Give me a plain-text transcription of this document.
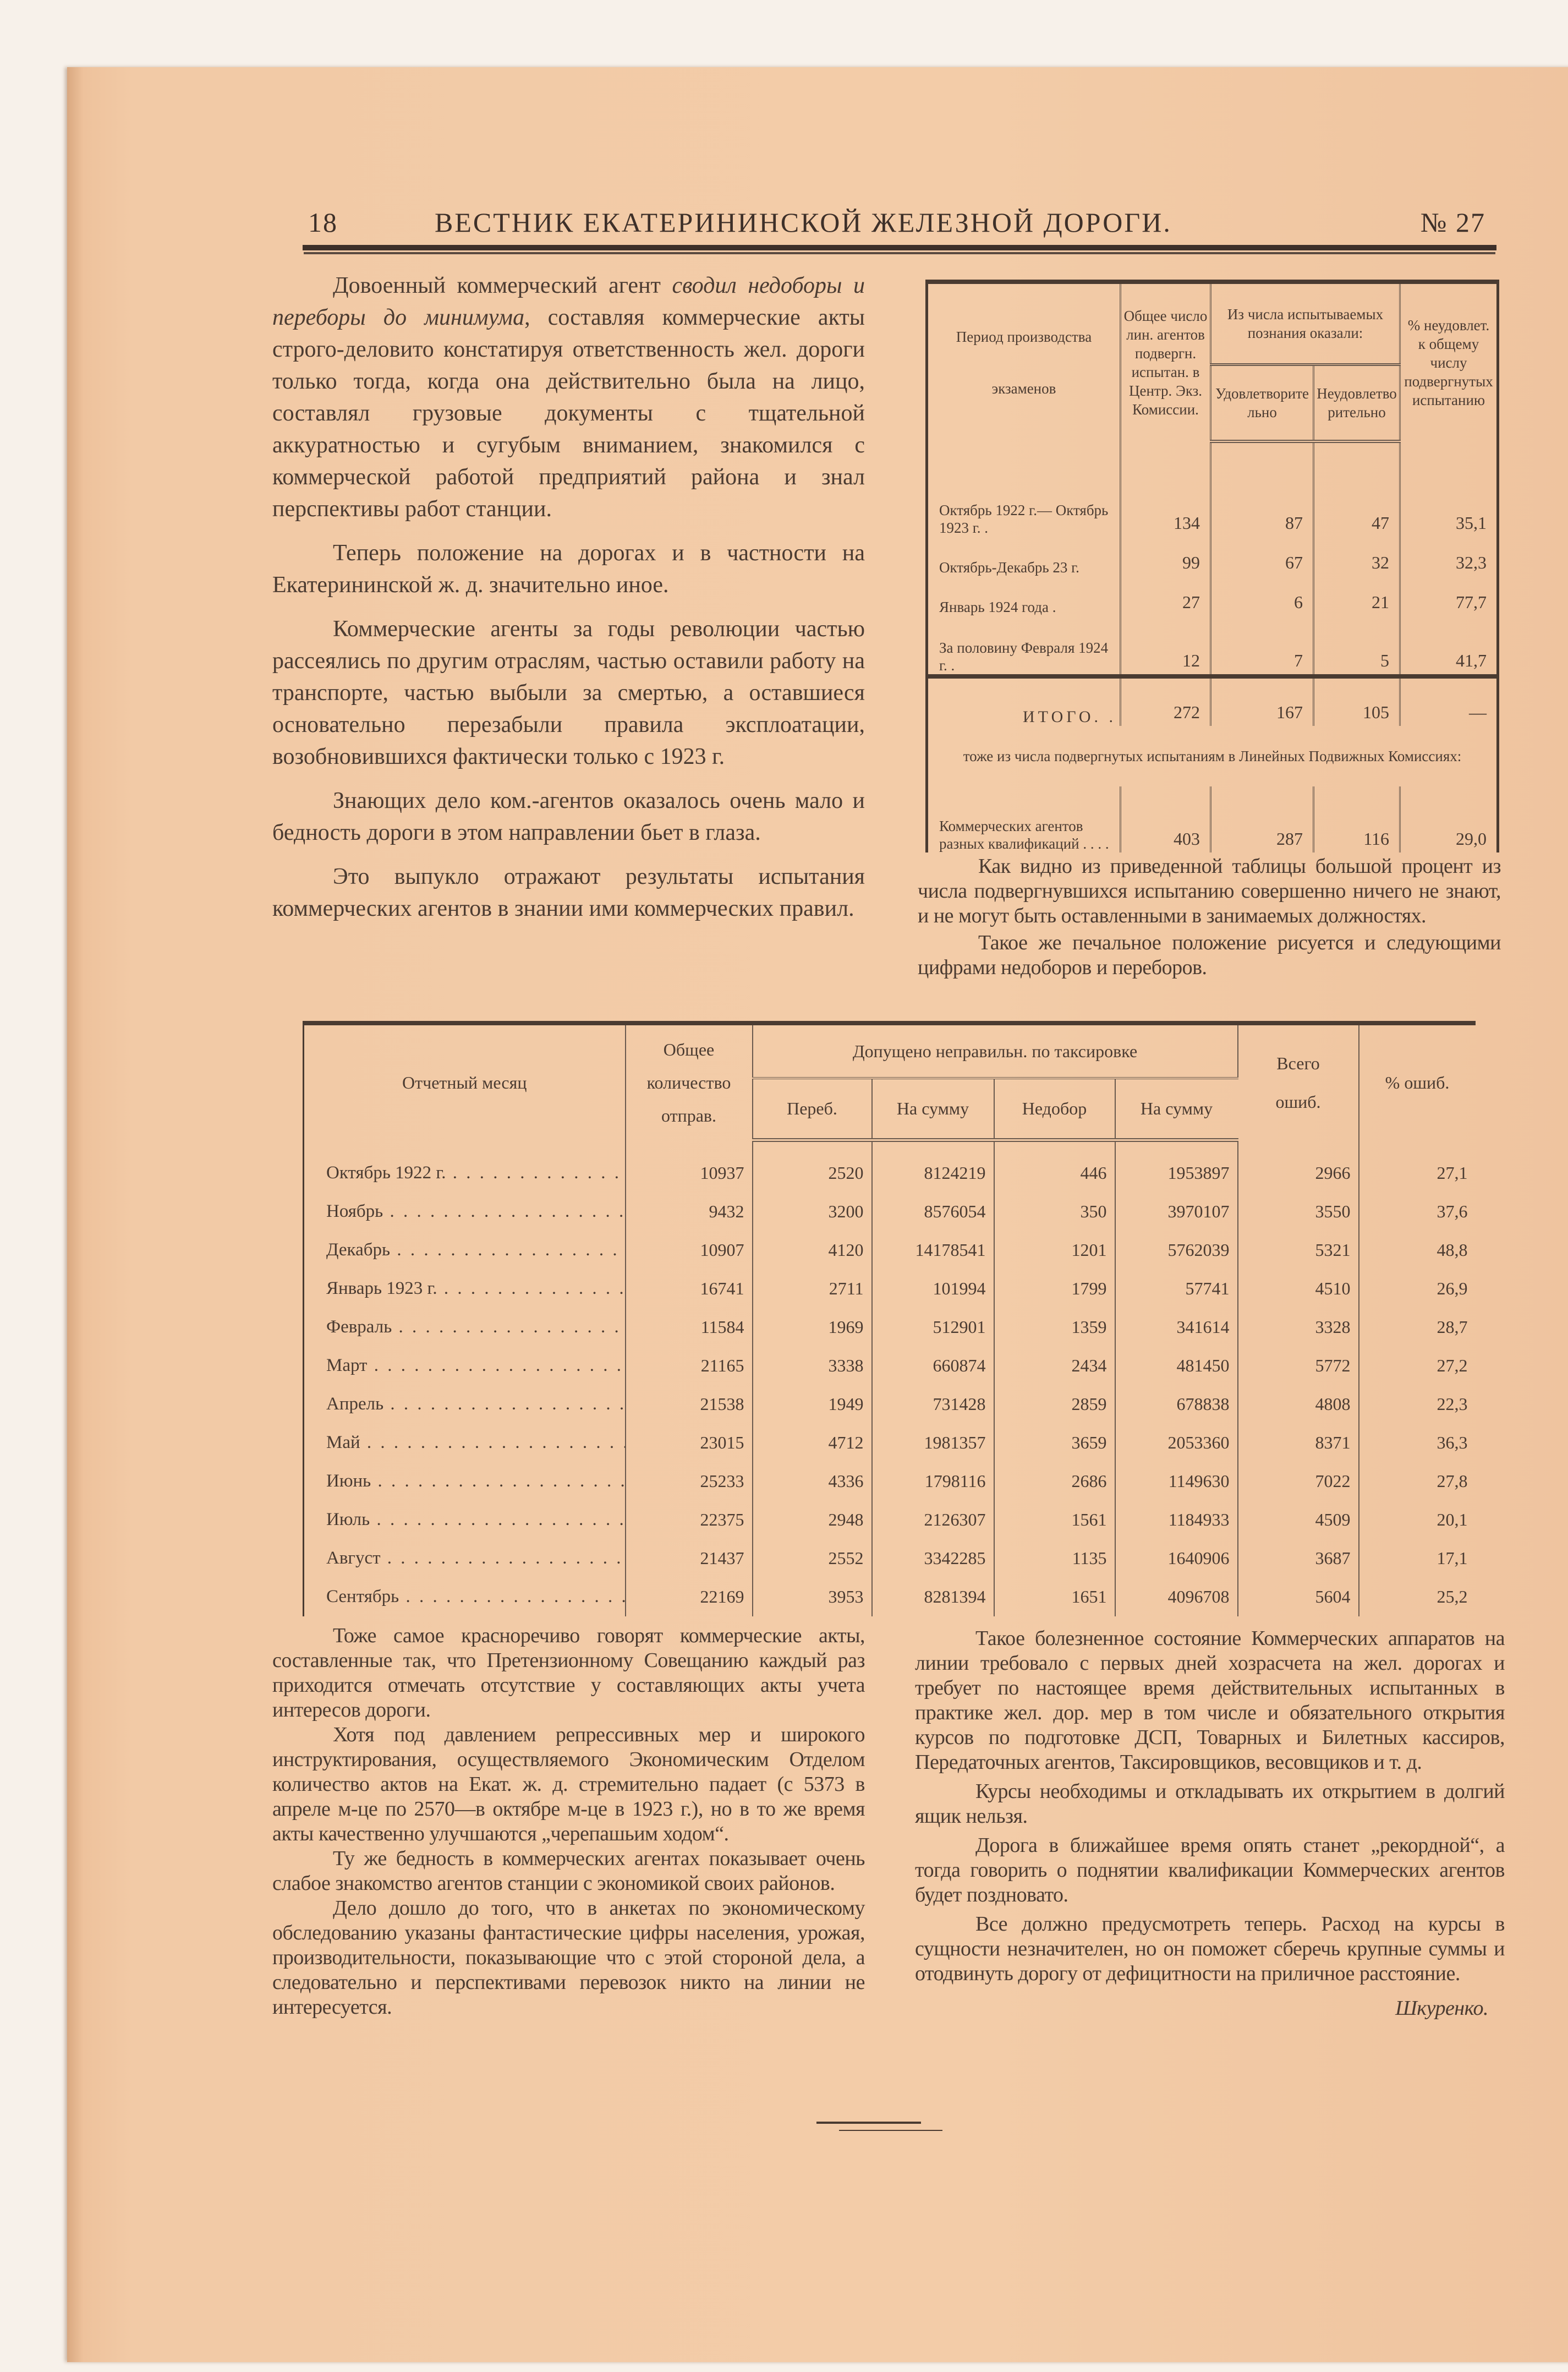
18	ВЕСТНИК ЕКАТЕРИНИНСКОЙ ЖЕЛЕЗНОЙ ДОРОГИ.	№ 27

Довоенный коммерческий агент сводил недоборы и переборы до минимума, составляя коммерческие акты строго-деловито констатируя ответственность жел. дороги только тогда, когда она действительно была на лицо, составлял грузовые документы с тщательной аккуратностью и сугубым вниманием, знакомился с коммерческой работой предприятий района и знал перспективы работ станции.

Теперь положение на дорогах и в частности на Екатерининской ж. д. значительно иное.

Коммерческие агенты за годы революции частью рассеялись по другим отраслям, частью оставили работу на транспорте, частью выбыли за смертью, а оставшиеся основательно перезабыли правила эксплоатации, возобновившихся фактически только с 1923 г.

Знающих дело ком.-агентов оказалось очень мало и бедность дороги в этом направлении бьет в глаза.

Это выпукло отражают результаты испытания коммерческих агентов в знании ими коммерческих правил.

Период производства
экзаменов	Общее число лин. агентов подвергн. испытан. в Центр. Экз. Комиссии.	Из числа испытываемых познания оказали:		% неудовлет. к общему числу подвергнутых испытанию
		Удовлетворительно	Неудовлетворительно	

Октябрь 1922 г.— Октябрь 1923 г. .	134	87	47	35,1
Октябрь-Декабрь 23 г.	99	67	32	32,3
Январь 1924 года .	27	6	21	77,7
За половину Февраля 1924 г. .	12	7	5	41,7
ИТОГО. .	272	167	105	—
тоже из числа подвергнутых испытаниям в Линейных Подвижных Комиссиях:				
Коммерческих агентов разных квалификаций . . . .	403	287	116	29,0

Как видно из приведенной таблицы большой процент из числа подвергнувшихся испытанию совершенно ничего не знают, и не могут быть оставленными в занимаемых должностях.

Такое же печальное положение рисуется и следующими цифрами недоборов и переборов.

Отчетный месяц	Общее количество отправ.	Допущено неправильн. по таксировке				Всего ошиб.	% ошиб.
		Переб.	На сумму	Недобор	На сумму		

Октябрь 1922 г. . . .	10937	2520	8124219	446	1953897	2966	27,1
Ноябрь . . .	9432	3200	8576054	350	3970107	3550	37,6
Декабрь . . .	10907	4120	14178541	1201	5762039	5321	48,8
Январь 1923 г. . . .	16741	2711	101994	1799	57741	4510	26,9
Февраль . . .	11584	1969	512901	1359	341614	3328	28,7
Март . . .	21165	3338	660874	2434	481450	5772	27,2
Апрель . . .	21538	1949	731428	2859	678838	4808	22,3
Май . . .	23015	4712	1981357	3659	2053360	8371	36,3
Июнь . . .	25233	4336	1798116	2686	1149630	7022	27,8
Июль . . .	22375	2948	2126307	1561	1184933	4509	20,1
Август . . .	21437	2552	3342285	1135	1640906	3687	17,1
Сентябрь . . .	22169	3953	8281394	1651	4096708	5604	25,2

Тоже самое красноречиво говорят коммерческие акты, составленные так, что Претензионному Совещанию каждый раз приходится отмечать отсутствие у составляющих акты учета интересов дороги.

Хотя под давлением репрессивных мер и широкого инструктирования, осуществляемого Экономическим Отделом количество актов на Екат. ж. д. стремительно падает (с 5373 в апреле м-це по 2570—в октябре м-це в 1923 г.), но в то же время акты качественно улучшаются „черепашьим ходом“.

Ту же бедность в коммерческих агентах показывает очень слабое знакомство агентов станции с экономикой своих районов.

Дело дошло до того, что в анкетах по экономическому обследованию указаны фантастические цифры населения, урожая, производительности, показывающие что с этой стороной дела, а следовательно и перспективами перевозок никто на линии не интересуется.

Такое болезненное состояние Коммерческих аппаратов на линии требовало с первых дней хозрасчета на жел. дорогах и требует по настоящее время действительных испытанных в практике жел. дор. мер в том числе и обязательного открытия курсов по подготовке ДСП, Товарных и Билетных кассиров, Передаточных агентов, Таксировщиков, весовщиков и т. д.

Курсы необходимы и откладывать их открытием в долгий ящик нельзя.

Дорога в ближайшее время опять станет „рекордной“, а тогда говорить о поднятии квалификации Коммерческих агентов будет поздновато.

Все должно предусмотреть теперь. Расход на курсы в сущности незначителен, но он поможет сберечь крупные суммы и отодвинуть дорогу от дефицитности на приличное расстояние.

Шкуренко.
